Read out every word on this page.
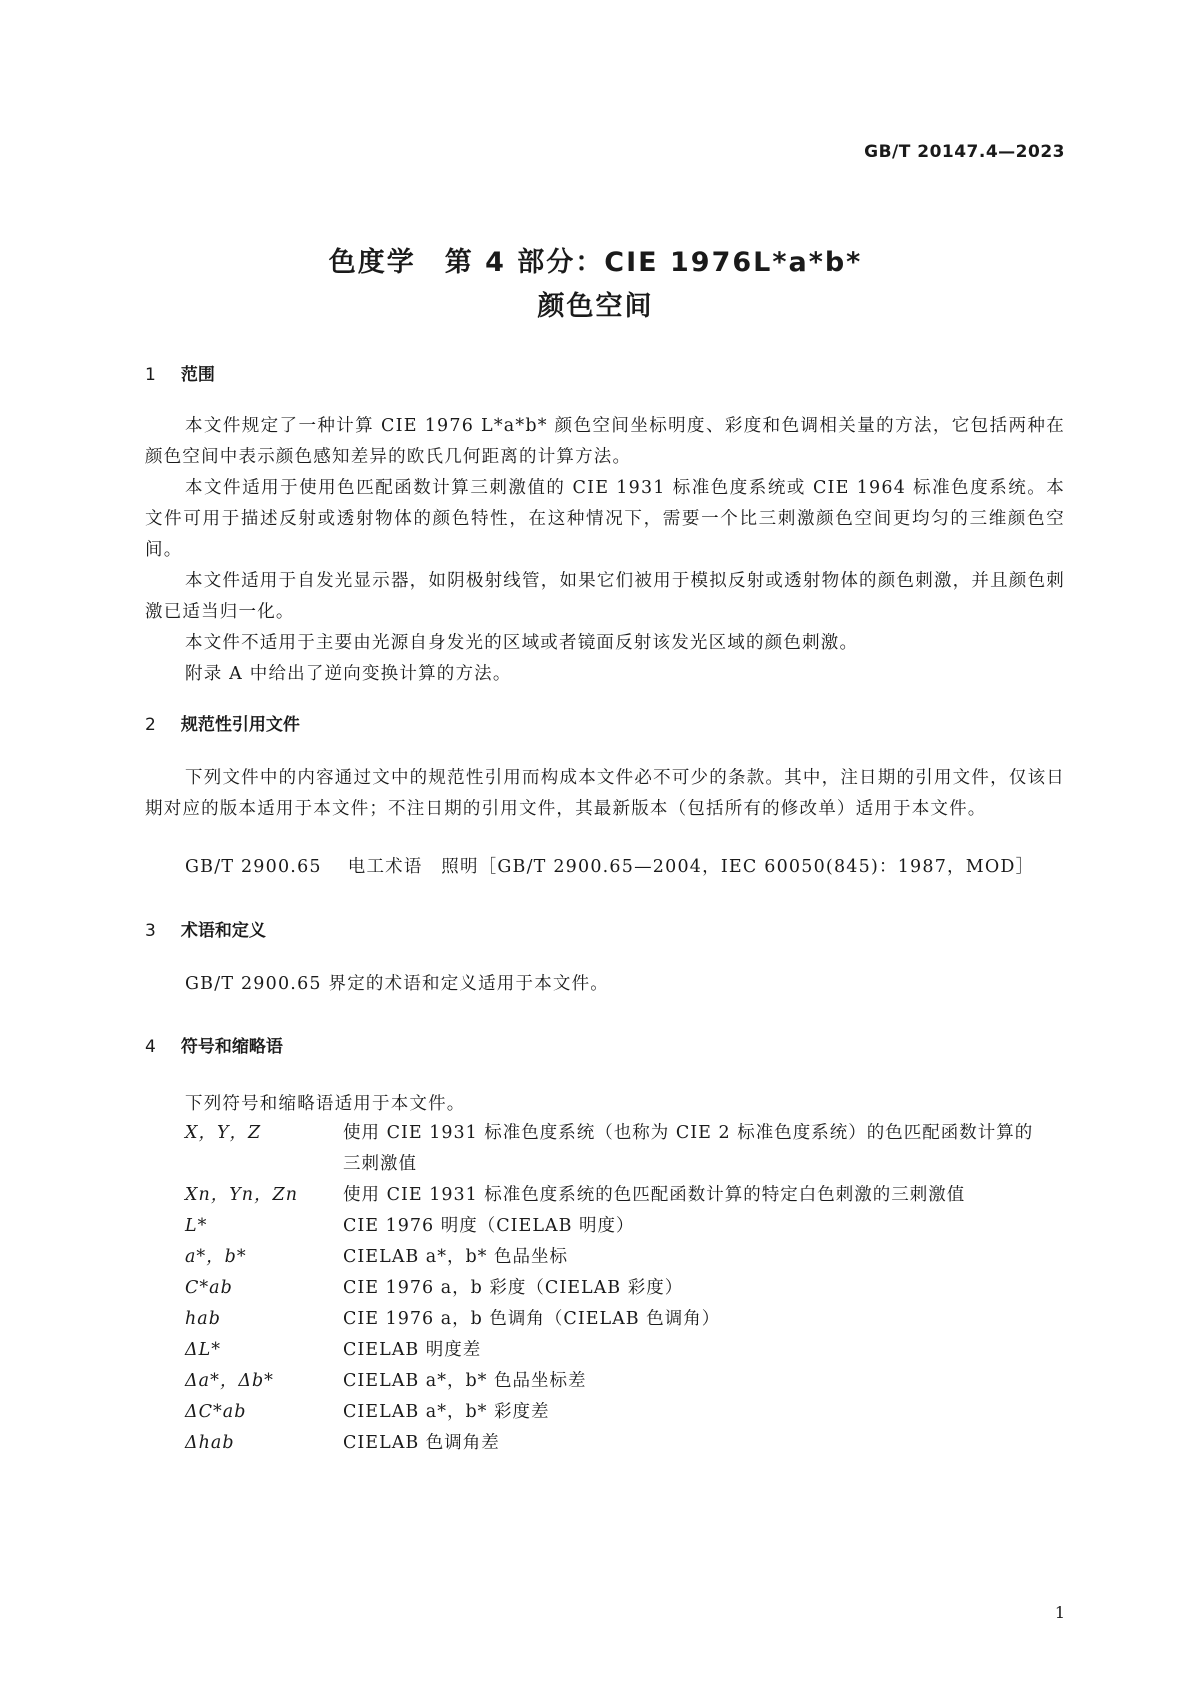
GB/T 20147.4—2023
色度学　第 4 部分：CIE 1976L*a*b*
颜色空间
1 范围

本文件规定了一种计算 CIE 1976 L*a*b* 颜色空间坐标明度、彩度和色调相关量的方法，它包括两种在颜色空间中表示颜色感知差异的欧氏几何距离的计算方法。

本文件适用于使用色匹配函数计算三刺激值的 CIE 1931 标准色度系统或 CIE 1964 标准色度系统。本文件可用于描述反射或透射物体的颜色特性，在这种情况下，需要一个比三刺激颜色空间更均匀的三维颜色空间。

本文件适用于自发光显示器，如阴极射线管，如果它们被用于模拟反射或透射物体的颜色刺激，并且颜色刺激已适当归一化。

本文件不适用于主要由光源自身发光的区域或者镜面反射该发光区域的颜色刺激。

附录 A 中给出了逆向变换计算的方法。

2 规范性引用文件

下列文件中的内容通过文中的规范性引用而构成本文件必不可少的条款。其中，注日期的引用文件，仅该日期对应的版本适用于本文件；不注日期的引用文件，其最新版本（包括所有的修改单）适用于本文件。

GB/T 2900.65 电工术语　照明［GB/T 2900.65—2004，IEC 60050(845)：1987，MOD］
3 术语和定义
GB/T 2900.65 界定的术语和定义适用于本文件。
4 符号和缩略语
下列符号和缩略语适用于本文件。
X，Y，Z	使用 CIE 1931 标准色度系统（也称为 CIE 2 标准色度系统）的色匹配函数计算的
三刺激值
Xn，Yn，Zn	使用 CIE 1931 标准色度系统的色匹配函数计算的特定白色刺激的三刺激值
L*	CIE 1976 明度（CIELAB 明度）
a*，b*	CIELAB a*，b* 色品坐标
C*ab	CIE 1976 a，b 彩度（CIELAB 彩度）
hab	CIE 1976 a，b 色调角（CIELAB 色调角）
ΔL*	CIELAB 明度差
Δa*，Δb*	CIELAB a*，b* 色品坐标差
ΔC*ab	CIELAB a*，b* 彩度差
Δhab	CIELAB 色调角差
1
